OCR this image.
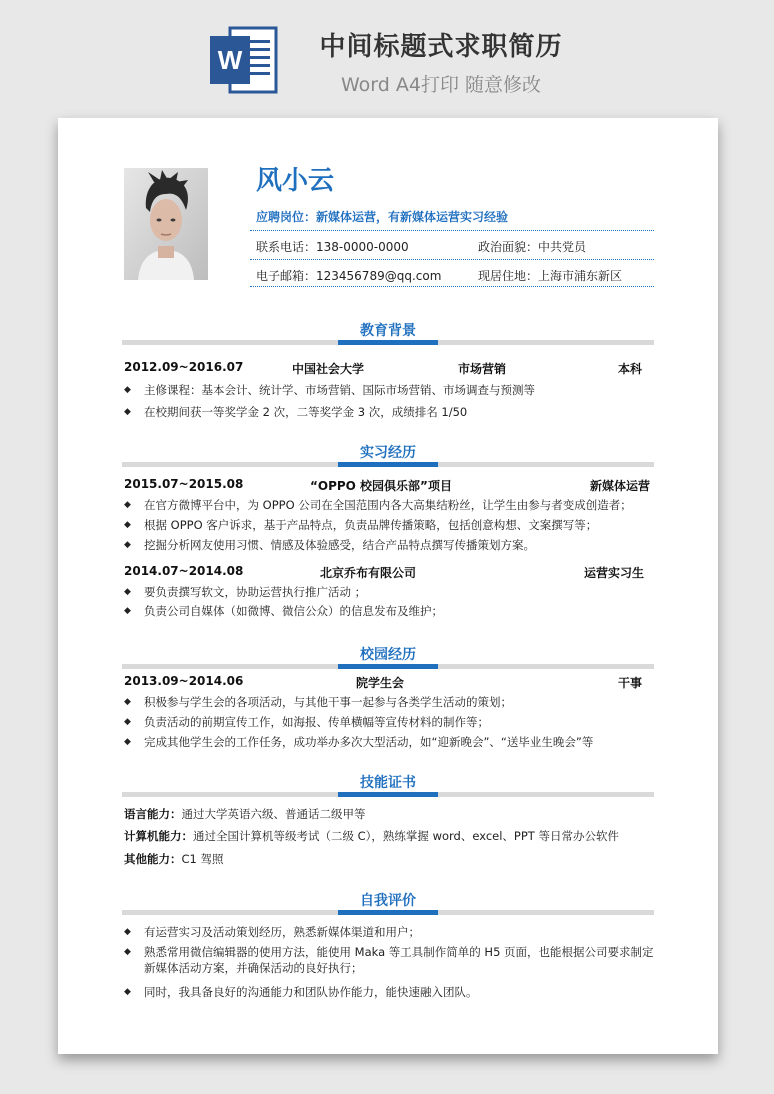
W	中间标题式求职简历
Word A4打印 随意修改
风小云
应聘岗位：新媒体运营，有新媒体运营实习经验
联系电话：138-0000-0000	政治面貌：中共党员
电子邮箱：123456789@qq.com	现居住地：上海市浦东新区
教育背景
2012.09~2016.07	中国社会大学	市场营销	本科
◆ 主修课程：基本会计、统计学、市场营销、国际市场营销、市场调查与预测等
◆ 在校期间获一等奖学金 2 次，二等奖学金 3 次，成绩排名 1/50
实习经历
2015.07~2015.08	“OPPO 校园俱乐部”项目	新媒体运营
◆ 在官方微博平台中，为 OPPO 公司在全国范围内各大高集结粉丝，让学生由参与者变成创造者；
◆ 根据 OPPO 客户诉求，基于产品特点，负责品牌传播策略，包括创意构想、文案撰写等；
◆ 挖掘分析网友使用习惯、情感及体验感受，结合产品特点撰写传播策划方案。
2014.07~2014.08	北京乔布有限公司	运营实习生
◆ 要负责撰写软文，协助运营执行推广活动 ；
◆ 负责公司自媒体（如微博、微信公众）的信息发布及维护；
校园经历
2013.09~2014.06	院学生会	干事
◆ 积极参与学生会的各项活动，与其他干事一起参与各类学生活动的策划；
◆ 负责活动的前期宣传工作，如海报、传单横幅等宣传材料的制作等；
◆ 完成其他学生会的工作任务，成功举办多次大型活动，如“迎新晚会”、“送毕业生晚会”等
技能证书
语言能力：通过大学英语六级、普通话二级甲等
计算机能力：通过全国计算机等级考试（二级 C），熟练掌握 word、excel、PPT 等日常办公软件
其他能力：C1 驾照
自我评价
◆ 有运营实习及活动策划经历，熟悉新媒体渠道和用户；
◆ 熟悉常用微信编辑器的使用方法，能使用 Maka 等工具制作简单的 H5 页面，也能根据公司要求制定新媒体活动方案，并确保活动的良好执行；
◆ 同时，我具备良好的沟通能力和团队协作能力，能快速融入团队。
